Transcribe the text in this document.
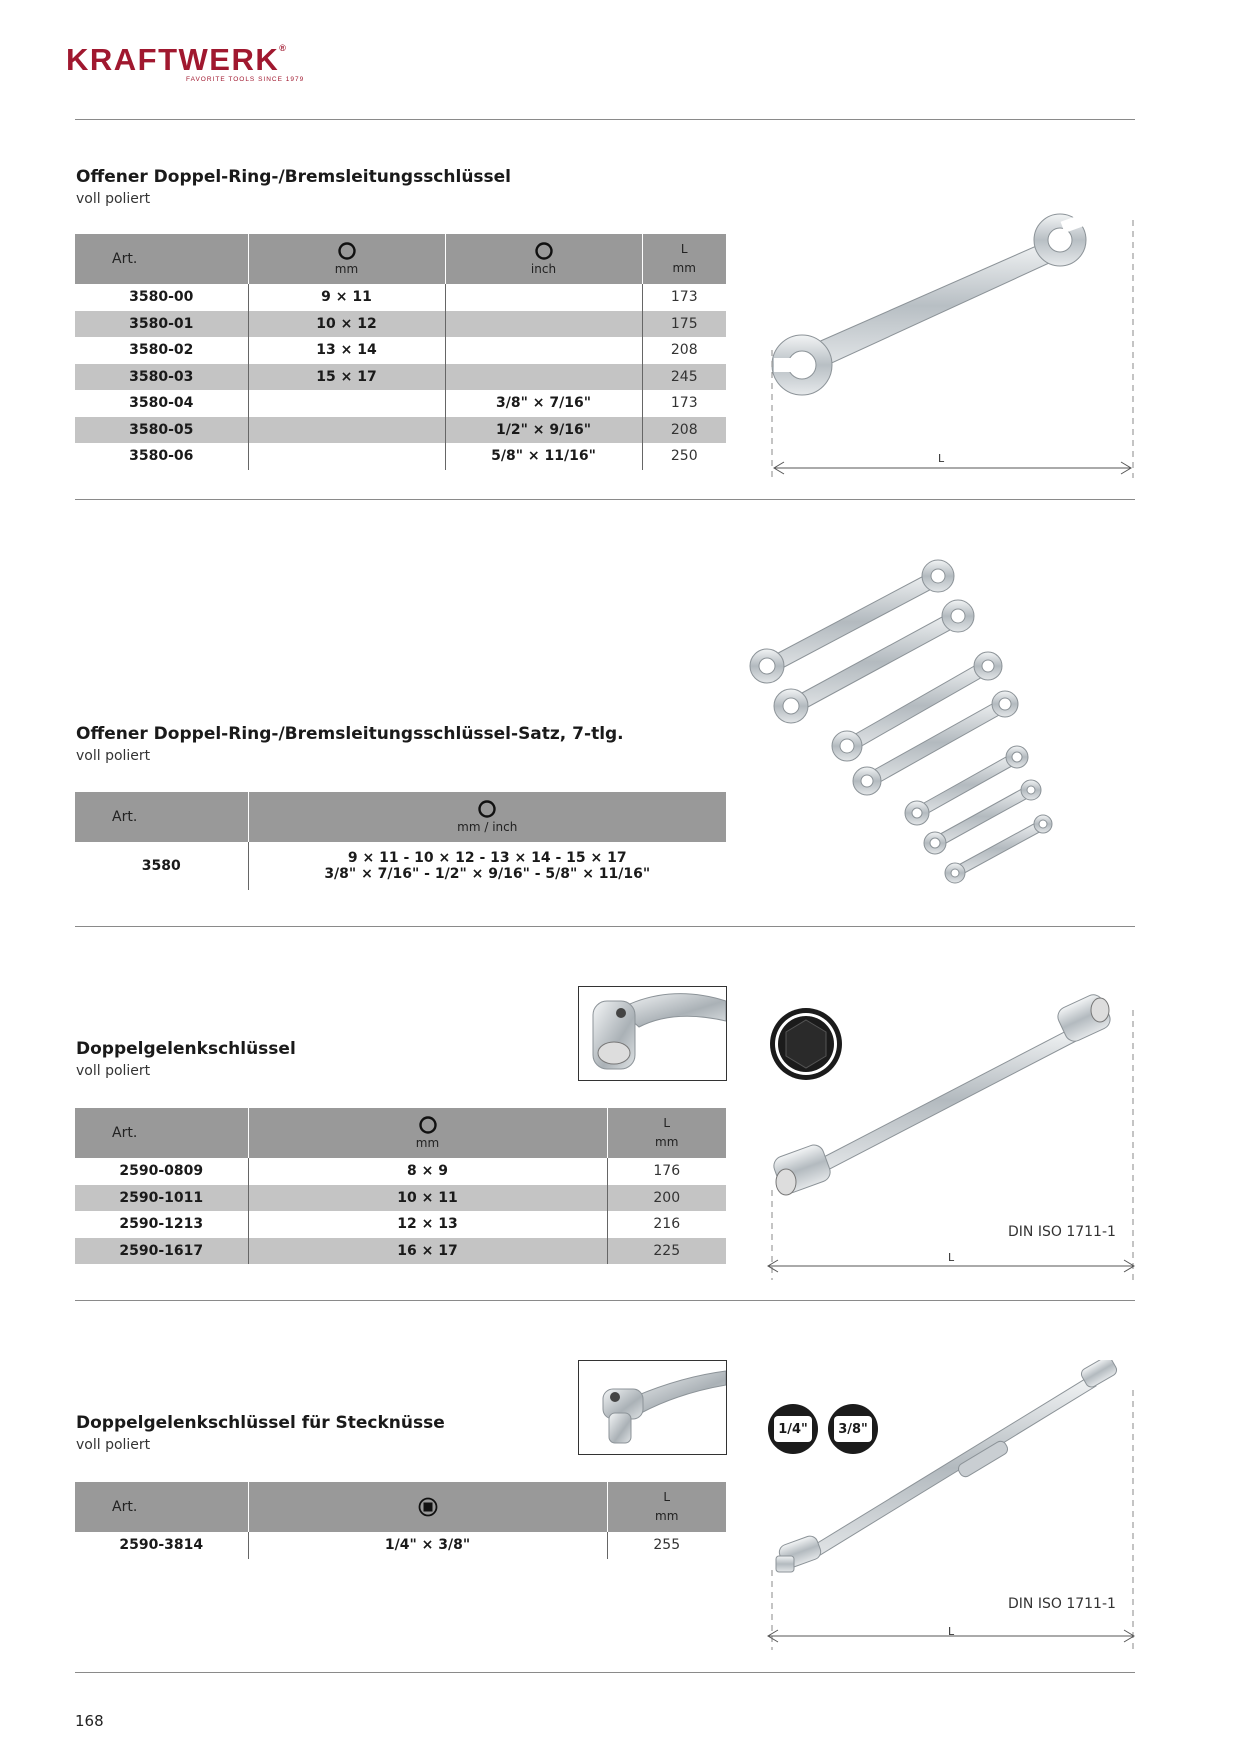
KRAFTWERK®
FAVORITE TOOLS SINCE 1979
Offener Doppel-Ring-/Bremsleitungsschlüssel
voll poliert
Art.	mm	inch	L
mm

3580-00	9 × 11		173
3580-01	10 × 12		175
3580-02	13 × 14		208
3580-03	15 × 17		245
3580-04		3/8" × 7/16"	173
3580-05		1/2" × 9/16"	208
3580-06		5/8" × 11/16"	250	L
Offener Doppel-Ring-/Bremsleitungsschlüssel-Satz, 7-tlg.
voll poliert
Art.	mm / inch

3580	9 × 11 - 10 × 12 - 13 × 14 - 15 × 17
3/8" × 7/16" - 1/2" × 9/16" - 5/8" × 11/16"
Doppelgelenkschlüssel
voll poliert
Art.	mm	L
mm

2590-0809	8 × 9	176
2590-1011	10 × 11	200
2590-1213	12 × 13	216
2590-1617	16 × 17	225
DIN ISO 1711-1
L
Doppelgelenkschlüssel für Stecknüsse
voll poliert
Art.		L
mm

2590-3814	1/4" × 3/8"	255
1/4"	3/8"
DIN ISO 1711-1
L
168
